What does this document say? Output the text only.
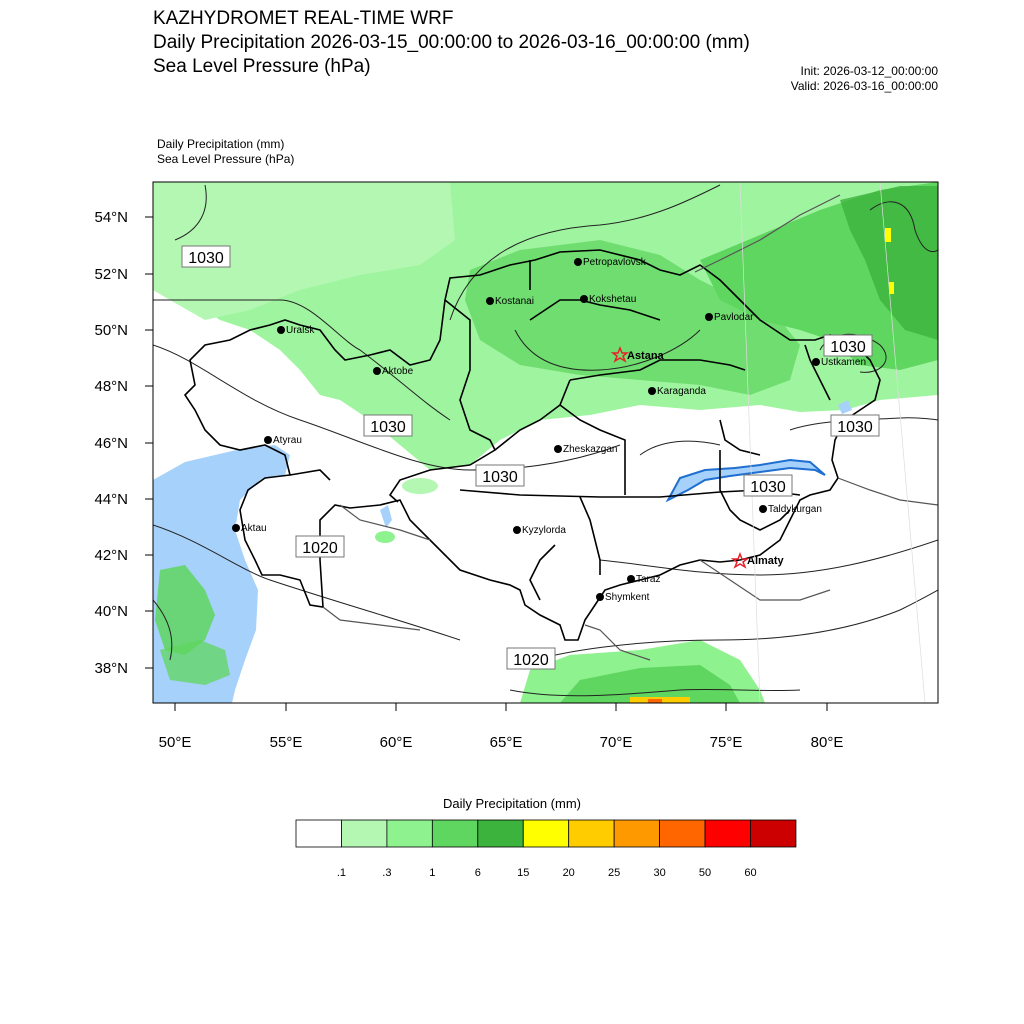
KAZHYDROMET REAL-TIME WRF
Daily Precipitation 2026-03-15_00:00:00 to 2026-03-16_00:00:00 (mm)
Sea Level Pressure (hPa)	Init: 2026-03-12_00:00:00
Valid: 2026-03-16_00:00:00
Daily Precipitation (mm)
Sea Level Pressure (hPa)
54°N
52°N
50°N
48°N
46°N
44°N
42°N
40°N
38°N
50°E	55°E	60°E	65°E	70°E	75°E	80°E
1030
1030
1030
1030
1030
1030
1020
1020
Petropavlovsk
Kostanai	Kokshetau
Uralsk
Pavlodar
Astana
Ustkamen
Aktobe
Karaganda
Atyrau
Zheskazgan
Aktau	Kyzylorda
Taldykurgan
Almaty
Taraz
Shymkent
Daily Precipitation (mm)
.1	.3	1	6	15	20	25	30	50	60
